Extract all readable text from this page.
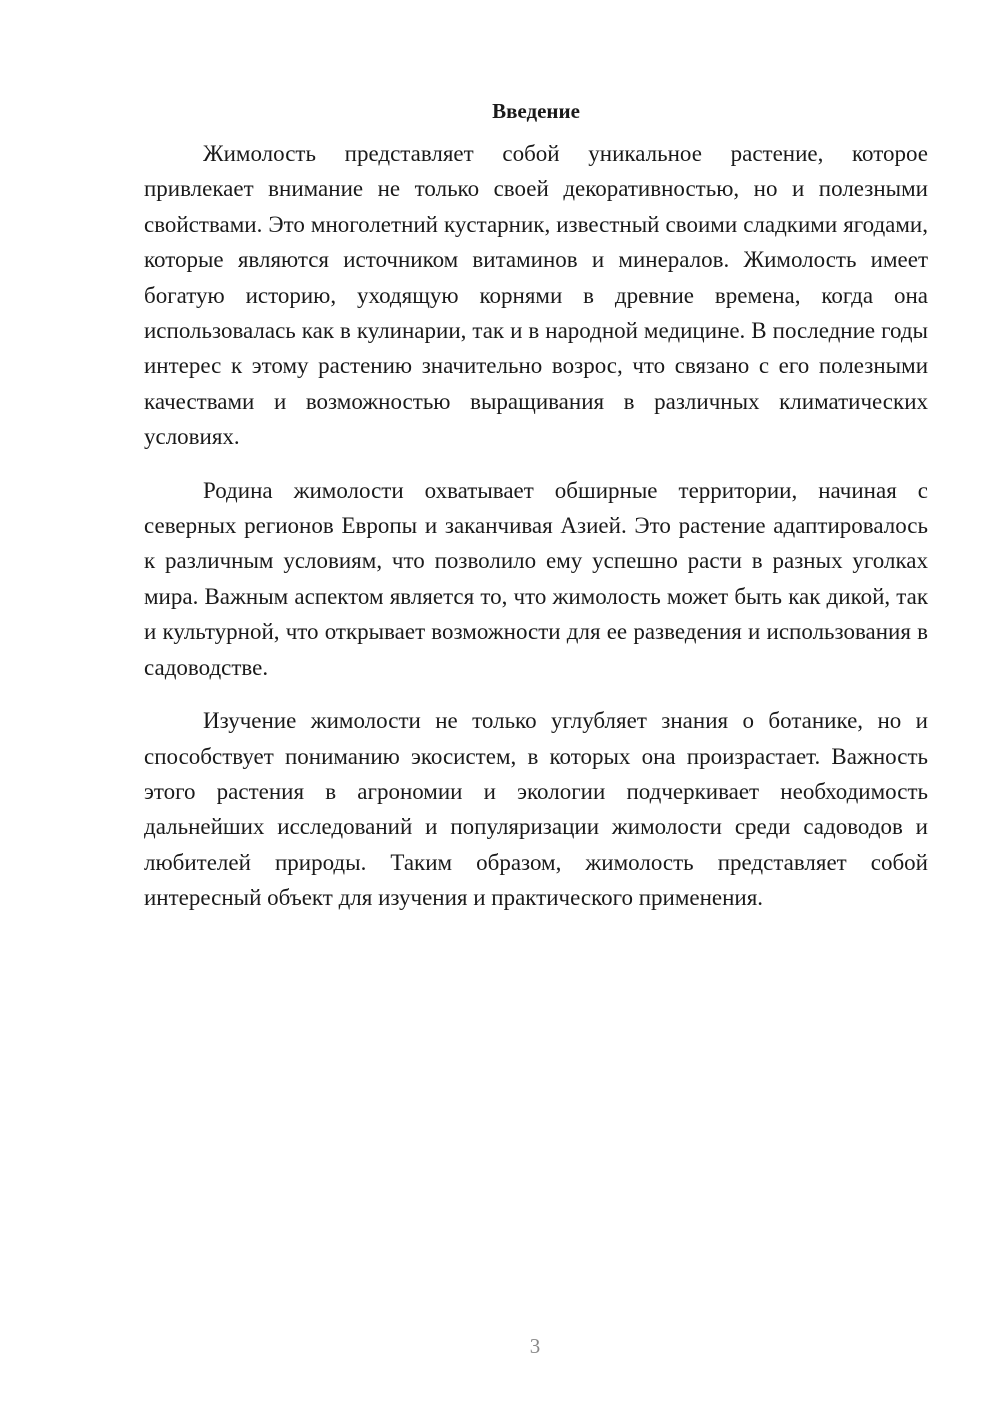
Введение

Жимолость представляет собой уникальное растение, которое привлекает внимание не только своей декоративностью, но и полезными свойствами. Это многолетний кустарник, известный своими сладкими ягодами, которые являются источником витаминов и минералов. Жимолость имеет богатую историю, уходящую корнями в древние времена, когда она использовалась как в кулинарии, так и в народной медицине. В последние годы интерес к этому растению значительно возрос, что связано с его полезными качествами и возможностью выращивания в различных климатических условиях.

Родина жимолости охватывает обширные территории, начиная с северных регионов Европы и заканчивая Азией. Это растение адаптировалось к различным условиям, что позволило ему успешно расти в разных уголках мира. Важным аспектом является то, что жимолость может быть как дикой, так и культурной, что открывает возможности для ее разведения и использования в садоводстве.

Изучение жимолости не только углубляет знания о ботанике, но и способствует пониманию экосистем, в которых она произрастает. Важность этого растения в агрономии и экологии подчеркивает необходимость дальнейших исследований и популяризации жимолости среди садоводов и любителей природы. Таким образом, жимолость представляет собой интересный объект для изучения и практического применения.

3
